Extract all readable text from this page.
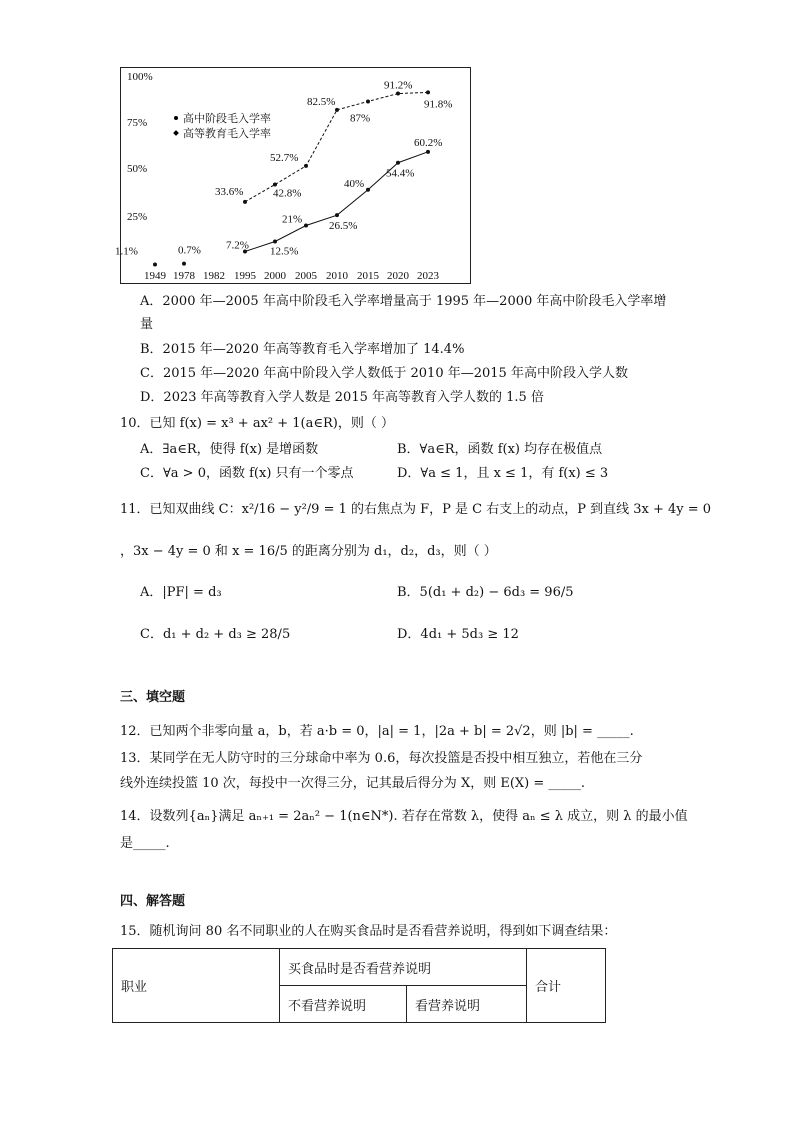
100%
75%
50%
25%
1949 1978 1982 1995 2000 2005 2010 2015 2020 2023
高中阶段毛入学率
高等教育毛入学率
33.6%	42.8%
52.7%
82.5%
87%
91.2%
91.8%
1.1%	0.7% 7.2%
12.5%
21%
26.5%
40%
54.4%
60.2%
A．2000 年—2005 年高中阶段毛入学率增量高于 1995 年—2000 年高中阶段毛入学率增
量
B．2015 年—2020 年高等教育毛入学率增加了 14.4%
C．2015 年—2020 年高中阶段入学人数低于 2010 年—2015 年高中阶段入学人数
D．2023 年高等教育入学人数是 2015 年高等教育入学人数的 1.5 倍
10．已知 f(x) = x³ + ax² + 1(a∈R)，则（ ）
A．∃a∈R，使得 f(x) 是增函数	B．∀a∈R，函数 f(x) 均存在极值点
C．∀a > 0，函数 f(x) 只有一个零点	D．∀a ≤ 1，且 x ≤ 1，有 f(x) ≤ 3
11．已知双曲线 C：x²/16 − y²/9 = 1 的右焦点为 F，P 是 C 右支上的动点，P 到直线 3x + 4y = 0
，3x − 4y = 0 和 x = 16/5 的距离分别为 d₁，d₂，d₃，则（ ）
A．|PF| = d₃	B．5(d₁ + d₂) − 6d₃ = 96/5
C．d₁ + d₂ + d₃ ≥ 28/5	D．4d₁ + 5d₃ ≥ 12
三、填空题
12．已知两个非零向量 a，b，若 a·b = 0，|a| = 1，|2a + b| = 2√2，则 |b| = _____.
13．某同学在无人防守时的三分球命中率为 0.6，每次投篮是否投中相互独立，若他在三分
线外连续投篮 10 次，每投中一次得三分，记其最后得分为 X，则 E(X) = _____.
14．设数列{aₙ}满足 aₙ₊₁ = 2aₙ² − 1(n∈N*). 若存在常数 λ，使得 aₙ ≤ λ 成立，则 λ 的最小值
是_____.
四、解答题
15．随机询问 80 名不同职业的人在购买食品时是否看营养说明，得到如下调查结果：
职业	买食品时是否看营养说明		合计
	不看营养说明	看营养说明	
